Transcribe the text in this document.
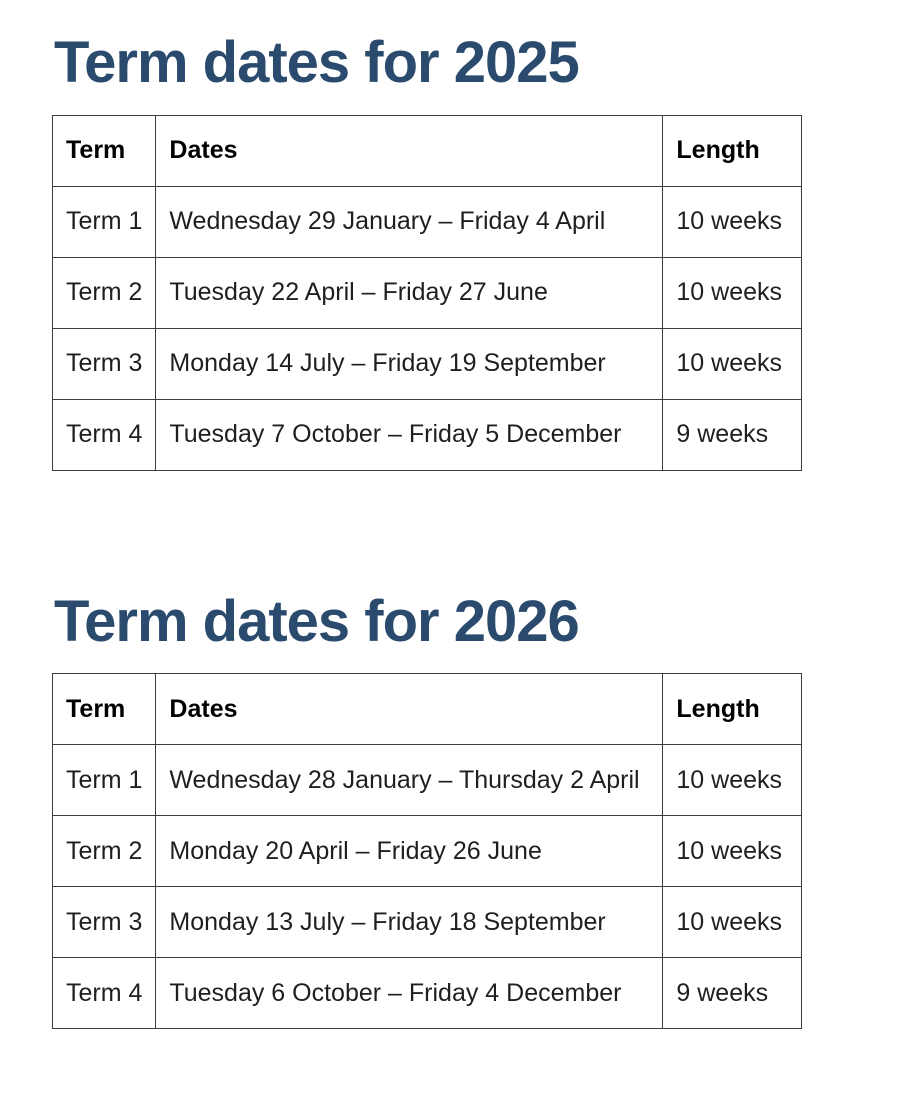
Term dates for 2025
Term	Dates	Length
Term 1	Wednesday 29 January – Friday 4 April	10 weeks
Term 2	Tuesday 22 April – Friday 27 June	10 weeks
Term 3	Monday 14 July – Friday 19 September	10 weeks
Term 4	Tuesday 7 October – Friday 5 December	9 weeks
Term dates for 2026
Term	Dates	Length
Term 1	Wednesday 28 January – Thursday 2 April	10 weeks
Term 2	Monday 20 April – Friday 26 June	10 weeks
Term 3	Monday 13 July – Friday 18 September	10 weeks
Term 4	Tuesday 6 October – Friday 4 December	9 weeks
